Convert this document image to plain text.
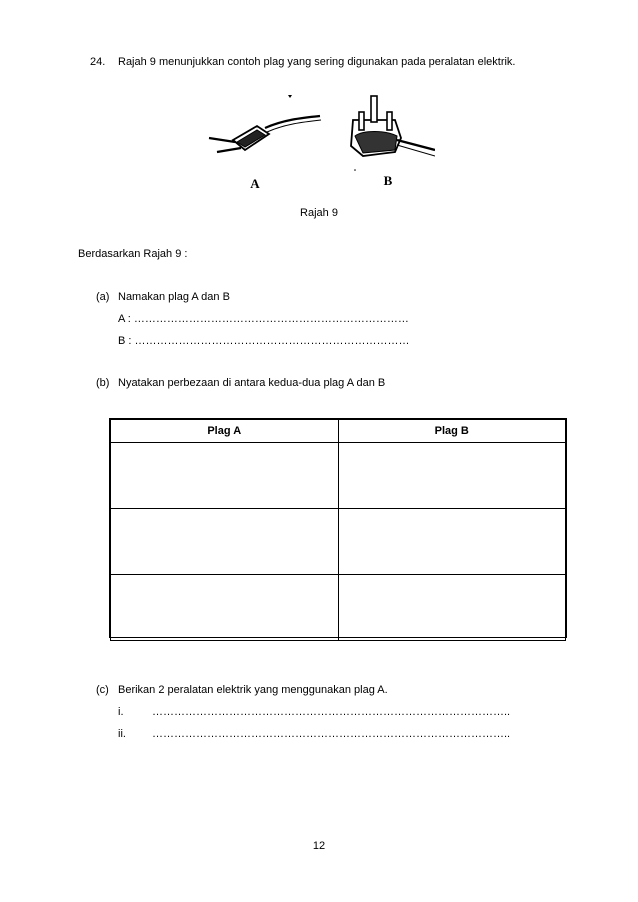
24. Rajah 9 menunjukkan contoh plag yang sering digunakan pada peralatan elektrik.
A	B
Rajah 9
Berdasarkan Rajah 9 :
(a) Namakan plag A dan B
A : …………………………………………………………………
B : …………………………………………………………………
(b) Nyatakan perbezaan di antara kedua-dua plag A dan B
Plag A	Plag B

(c) Berikan 2 peralatan elektrik yang menggunakan plag A.
i.	……………………………………………………………………………………..
ii. ……………………………………………………………………………………..
12
